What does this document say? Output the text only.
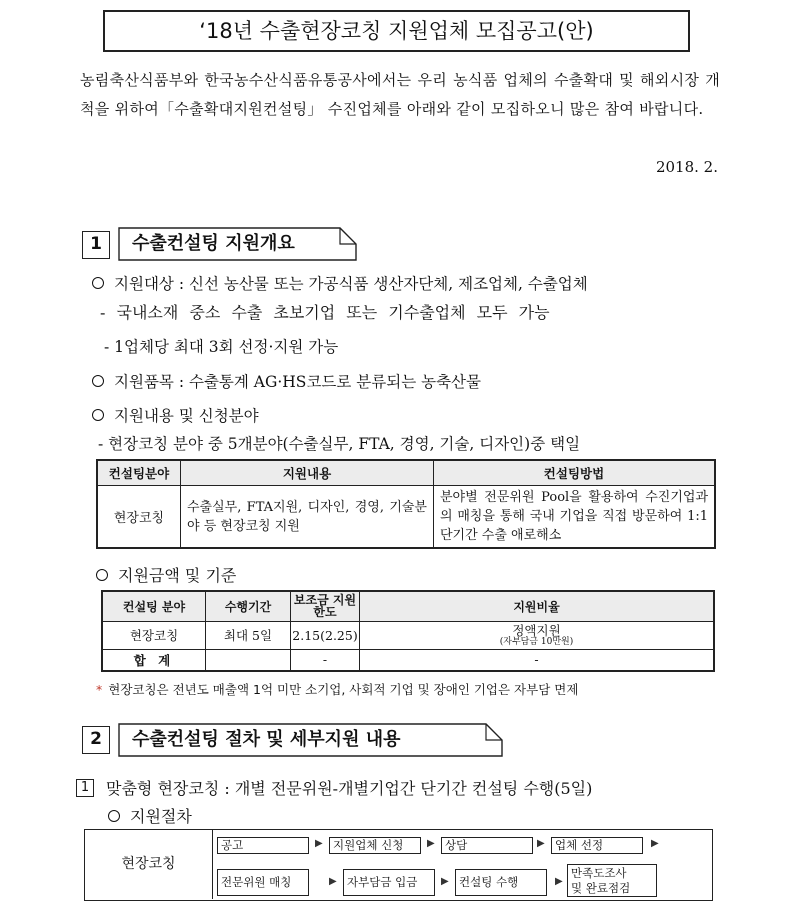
‘18년 수출현장코칭 지원업체 모집공고(안)
농림축산식품부와 한국농수산식품유통공사에서는 우리 농식품 업체의 수출확대 및 해외시장 개척을 위하여「수출확대지원컨설팅」 수진업체를 아래와 같이 모집하오니 많은 참여 바랍니다.
2018. 2.
1	수출컨설팅 지원개요
지원대상 : 신선 농산물 또는 가공식품 생산자단체, 제조업체, 수출업체
- 국내소재 중소 수출 초보기업 또는 기수출업체 모두 가능
- 1업체당 최대 3회 선정·지원 가능
지원품목 : 수출통계 AG·HS코드로 분류되는 농축산물
지원내용 및 신청분야
- 현장코칭 분야 중 5개분야(수출실무, FTA, 경영, 기술, 디자인)중 택일
컨설팅분야	지원내용	컨설팅방법
현장코칭	수출실무, FTA지원, 디자인, 경영, 기술분야 등 현장코칭 지원	분야별 전문위원 Pool을 활용하여 수진기업과의 매칭을 통해 국내 기업을 직접 방문하여 1:1 단기간 수출 애로해소
지원금액 및 기준
컨설팅 분야	수행기간	보조금 지원한도	지원비율
현장코칭	최대 5일	2.15(2.25)	정액지원
(자부담금 10만원)

합 계		-	-
* 현장코칭은 전년도 매출액 1억 미만 소기업, 사회적 기업 및 장애인 기업은 자부담 면제
2	수출컨설팅 절차 및 세부지원 내용
1 맞춤형 현장코칭 : 개별 전문위원-개별기업간 단기간 컨설팅 수행(5일)
지원절차
현장코칭
공고	▶ 지원업체 신청	▶ 상담	▶ 업체 선정	▶
전문위원 매칭	▶ 자부담금 입금	▶ 컨설팅 수행	▶
만족도조사
및 완료점검
